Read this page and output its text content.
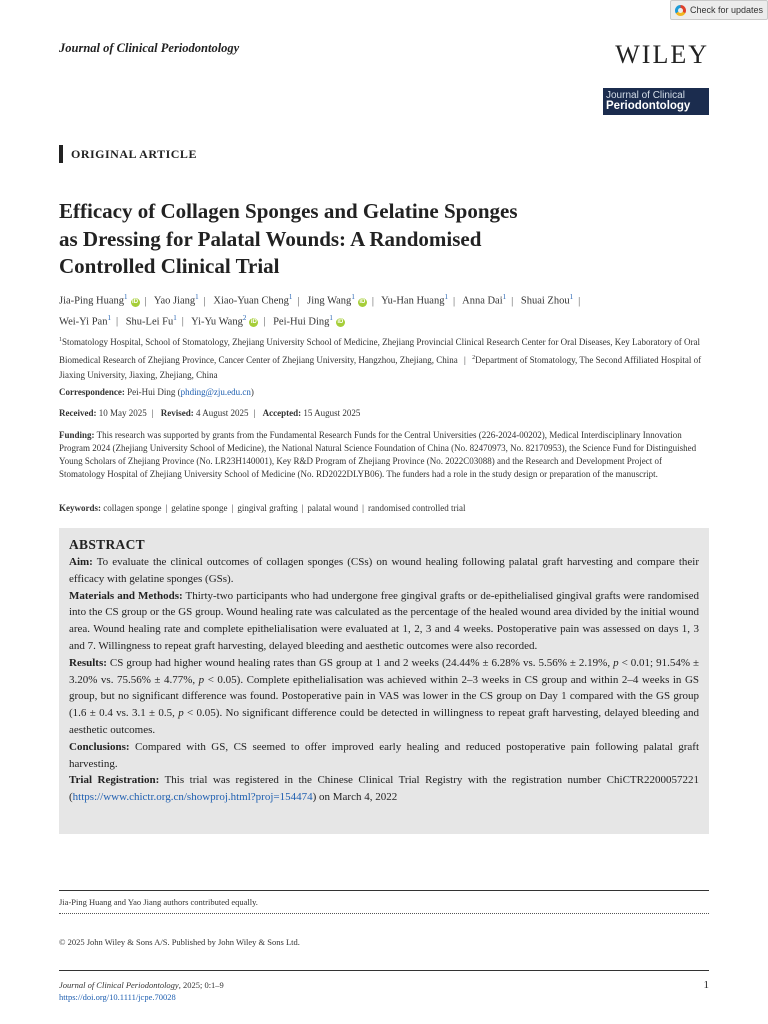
Check for updates
Journal of Clinical Periodontology	WILEY
Journal of Clinical
Periodontology
ORIGINAL ARTICLE
Efficacy of Collagen Sponges and Gelatine Sponges
as Dressing for Palatal Wounds: A Randomised
Controlled Clinical Trial
Jia-Ping Huang$^1$iD | Yao Jiang$^1$ | Xiao-Yuan Cheng$^1$ | Jing Wang$^1$iD | Yu-Han Huang$^1$ | Anna Dai$^1$ | Shuai Zhou$^1$ |
Wei-Yi Pan$^1$ | Shu-Lei Fu$^1$ | Yi-Yu Wang$^2$iD | Pei-Hui Ding$^1$iD
$^1$Stomatology Hospital, School of Stomatology, Zhejiang University School of Medicine, Zhejiang Provincial Clinical Research Center for Oral Diseases, Key Laboratory of Oral Biomedical Research of Zhejiang Province, Cancer Center of Zhejiang University, Hangzhou, Zhejiang, China | $^2$Department of Stomatology, The Second Affiliated Hospital of Jiaxing University, Jiaxing, Zhejiang, China
Correspondence: Pei-Hui Ding (phding@zju.edu.cn)
Received: 10 May 2025 | Revised: 4 August 2025 | Accepted: 15 August 2025
Funding: This research was supported by grants from the Fundamental Research Funds for the Central Universities (226-2024-00202), Medical Interdisciplinary Innovation Program 2024 (Zhejiang University School of Medicine), the National Natural Science Foundation of China (No. 82470973, No. 82170953), the Science Fund for Distinguished Young Scholars of Zhejiang Province (No. LR23H140001), Key R&D Program of Zhejiang Province (No. 2022C03088) and the Research and Development Project of Stomatology Hospital of Zhejiang University School of Medicine (No. RD2022DLYB06). The funders had a role in the study design or preparation of the manuscript.
Keywords: collagen sponge | gelatine sponge | gingival grafting | palatal wound | randomised controlled trial
ABSTRACT

Aim: To evaluate the clinical outcomes of collagen sponges (CSs) on wound healing following palatal graft harvesting and compare their efficacy with gelatine sponges (GSs).

Materials and Methods: Thirty-two participants who had undergone free gingival grafts or de-epithelialised gingival grafts were randomised into the CS group or the GS group. Wound healing rate was calculated as the percentage of the healed wound area divided by the initial wound area. Wound healing rate and complete epithelialisation were evaluated at 1, 2, 3 and 4 weeks. Postoperative pain was assessed on days 1, 3 and 7. Willingness to repeat graft harvesting, delayed bleeding and aesthetic outcomes were also recorded.

Results: CS group had higher wound healing rates than GS group at 1 and 2 weeks (24.44% ± 6.28% vs. 5.56% ± 2.19%, p < 0.01; 91.54% ± 3.20% vs. 75.56% ± 4.77%, p < 0.05). Complete epithelialisation was achieved within 2–3 weeks in CS group and within 2–4 weeks in GS group, but no significant difference was found. Postoperative pain in VAS was lower in the CS group on Day 1 compared with the GS group (1.6 ± 0.4 vs. 3.1 ± 0.5, p < 0.05). No significant difference could be detected in willingness to repeat graft harvesting, delayed bleeding and aesthetic outcomes.

Conclusions: Compared with GS, CS seemed to offer improved early healing and reduced postoperative pain following palatal graft harvesting.

Trial Registration: This trial was registered in the Chinese Clinical Trial Registry with the registration number ChiCTR2200057221 (https://www.chictr.org.cn/showproj.html?proj=154474) on March 4, 2022

Jia-Ping Huang and Yao Jiang authors contributed equally.
© 2025 John Wiley & Sons A/S. Published by John Wiley & Sons Ltd.
Journal of Clinical Periodontology, 2025; 0:1–9
https://doi.org/10.1111/jcpe.70028
1
